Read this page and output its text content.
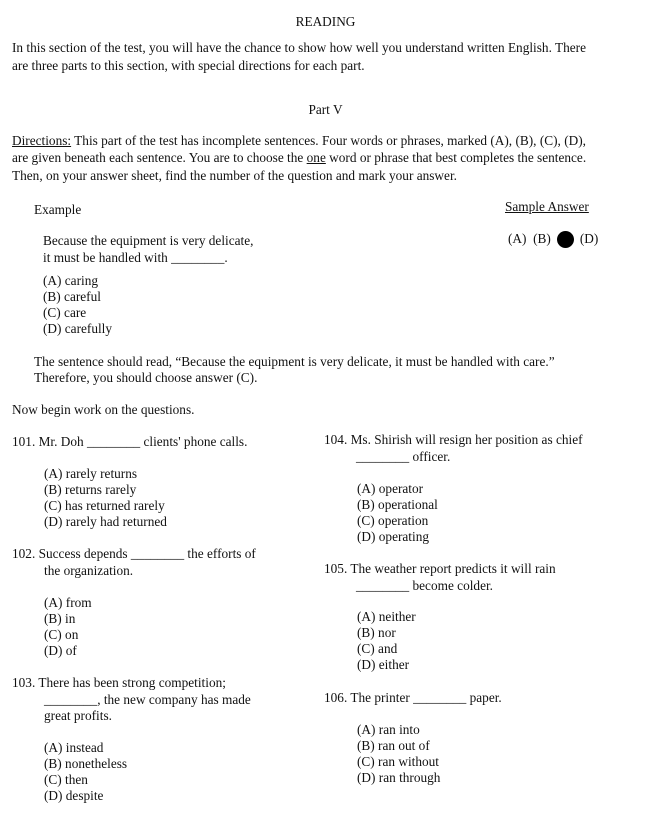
READING
In this section of the test, you will have the chance to show how well you understand written English. There
are three parts to this section, with special directions for each part.
Part V
Directions: This part of the test has incomplete sentences. Four words or phrases, marked (A), (B), (C), (D),
are given beneath each sentence. You are to choose the one word or phrase that best completes the sentence.
Then, on your answer sheet, find the number of the question and mark your answer.
Example	Sample Answer
(A) (B) (D)
Because the equipment is very delicate,
it must be handled with ________.
(A) caring
(B) careful
(C) care
(D) carefully
The sentence should read, “Because the equipment is very delicate, it must be handled with care.”
Therefore, you should choose answer (C).
Now begin work on the questions.
101. Mr. Doh ________ clients' phone calls.
(A) rarely returns
(B) returns rarely
(C) has returned rarely
(D) rarely had returned
102. Success depends ________ the efforts of
the organization.
(A) from
(B) in
(C) on
(D) of
103. There has been strong competition;
________, the new company has made
great profits.
(A) instead
(B) nonetheless
(C) then
(D) despite
104. Ms. Shirish will resign her position as chief
________ officer.
(A) operator
(B) operational
(C) operation
(D) operating
105. The weather report predicts it will rain
________ become colder.
(A) neither
(B) nor
(C) and
(D) either
106. The printer ________ paper.
(A) ran into
(B) ran out of
(C) ran without
(D) ran through
